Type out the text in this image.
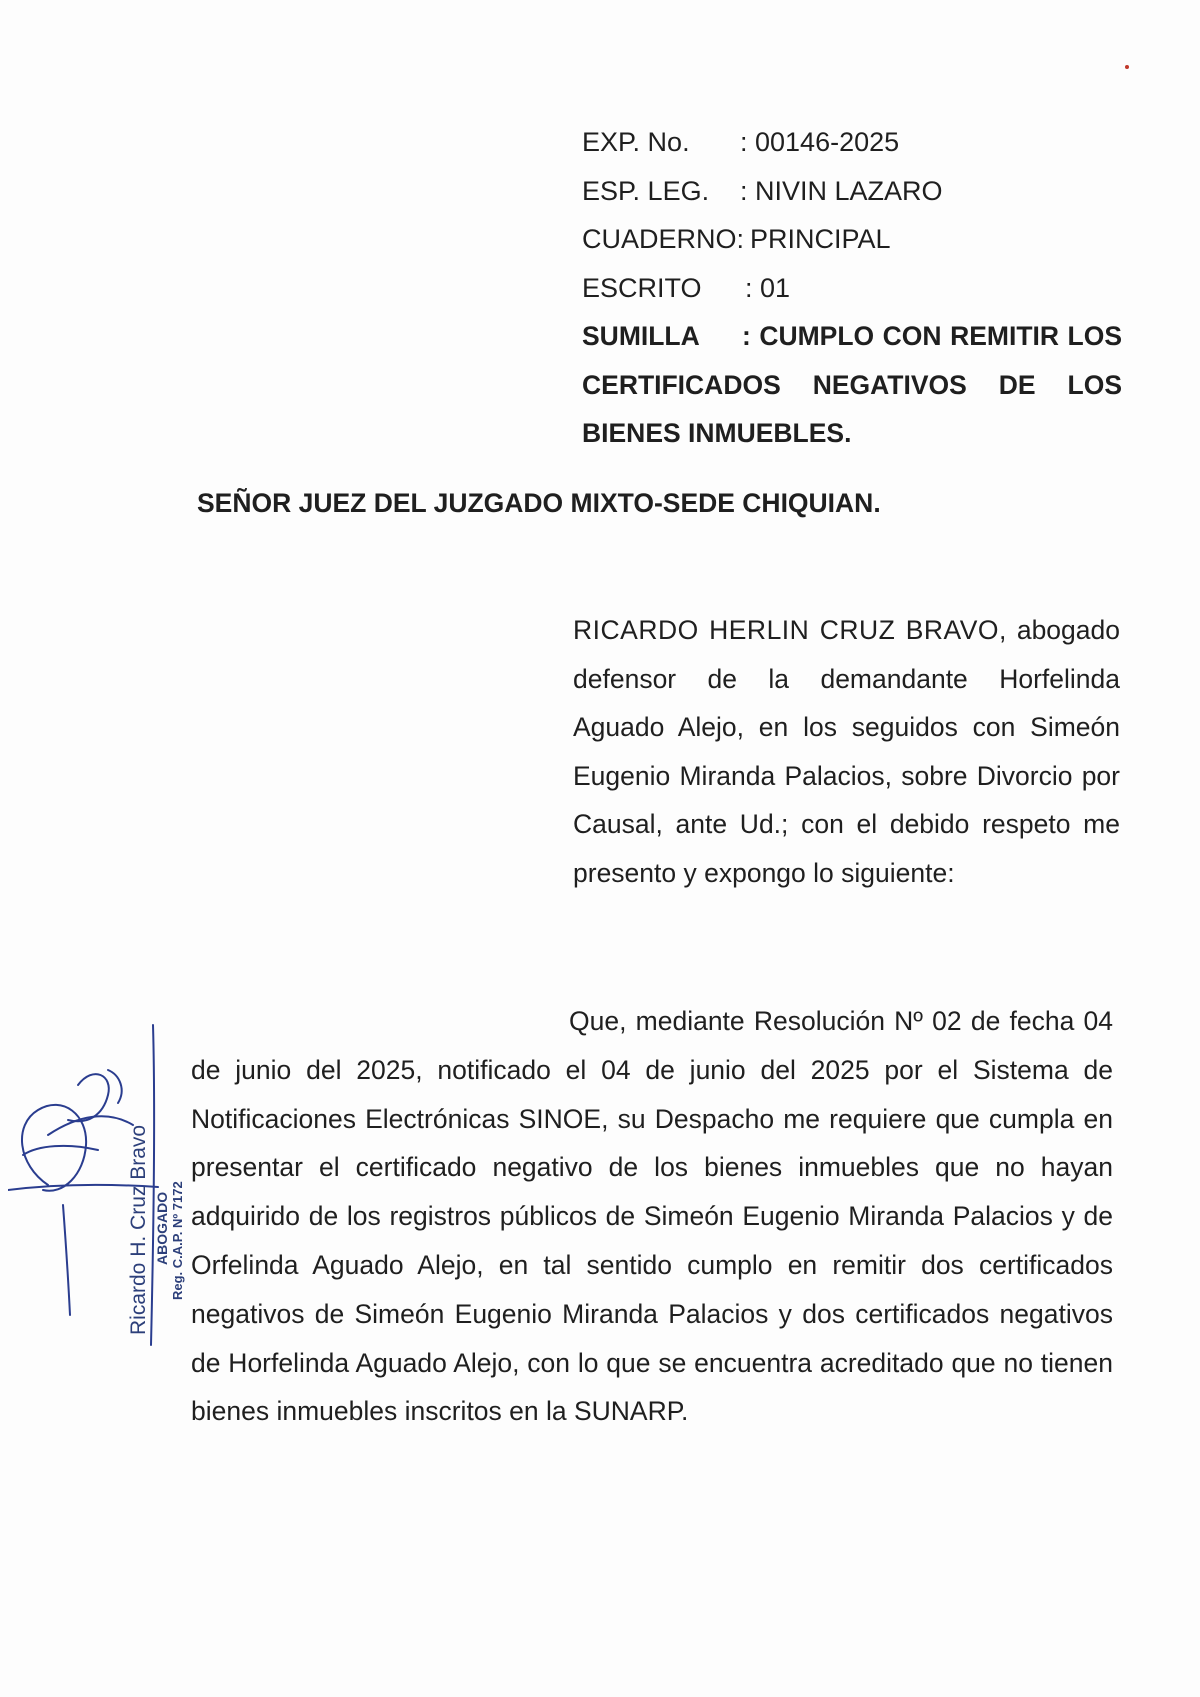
EXP. No.	: 00146-2025
ESP. LEG.	: NIVIN LAZARO
CUADERNO: PRINCIPAL
ESCRITO	: 01
SUMILLA : CUMPLO CON REMITIR LOS CERTIFICADOS NEGATIVOS DE LOS BIENES INMUEBLES.
SEÑOR JUEZ DEL JUZGADO MIXTO-SEDE CHIQUIAN.
RICARDO HERLIN CRUZ BRAVO, abogado defensor de la demandante Horfelinda Aguado Alejo, en los seguidos con Simeón Eugenio Miranda Palacios, sobre Divorcio por Causal, ante Ud.; con el debido respeto me presento y expongo lo siguiente:
Que, mediante Resolución Nº 02 de fecha 04 de junio del 2025, notificado el 04 de junio del 2025 por el Sistema de Notificaciones Electrónicas SINOE, su Despacho me requiere que cumpla en presentar el certificado negativo de los bienes inmuebles que no hayan adquirido de los registros públicos de Simeón Eugenio Miranda Palacios y de Orfelinda Aguado Alejo, en tal sentido cumplo en remitir dos certificados negativos de Simeón Eugenio Miranda Palacios y dos certificados negativos de Horfelinda Aguado Alejo, con lo que se encuentra acreditado que no tienen bienes inmuebles inscritos en la SUNARP.
Ricardo H. Cruz Bravo ABOGADO Reg. C.A.P. Nº 7172
